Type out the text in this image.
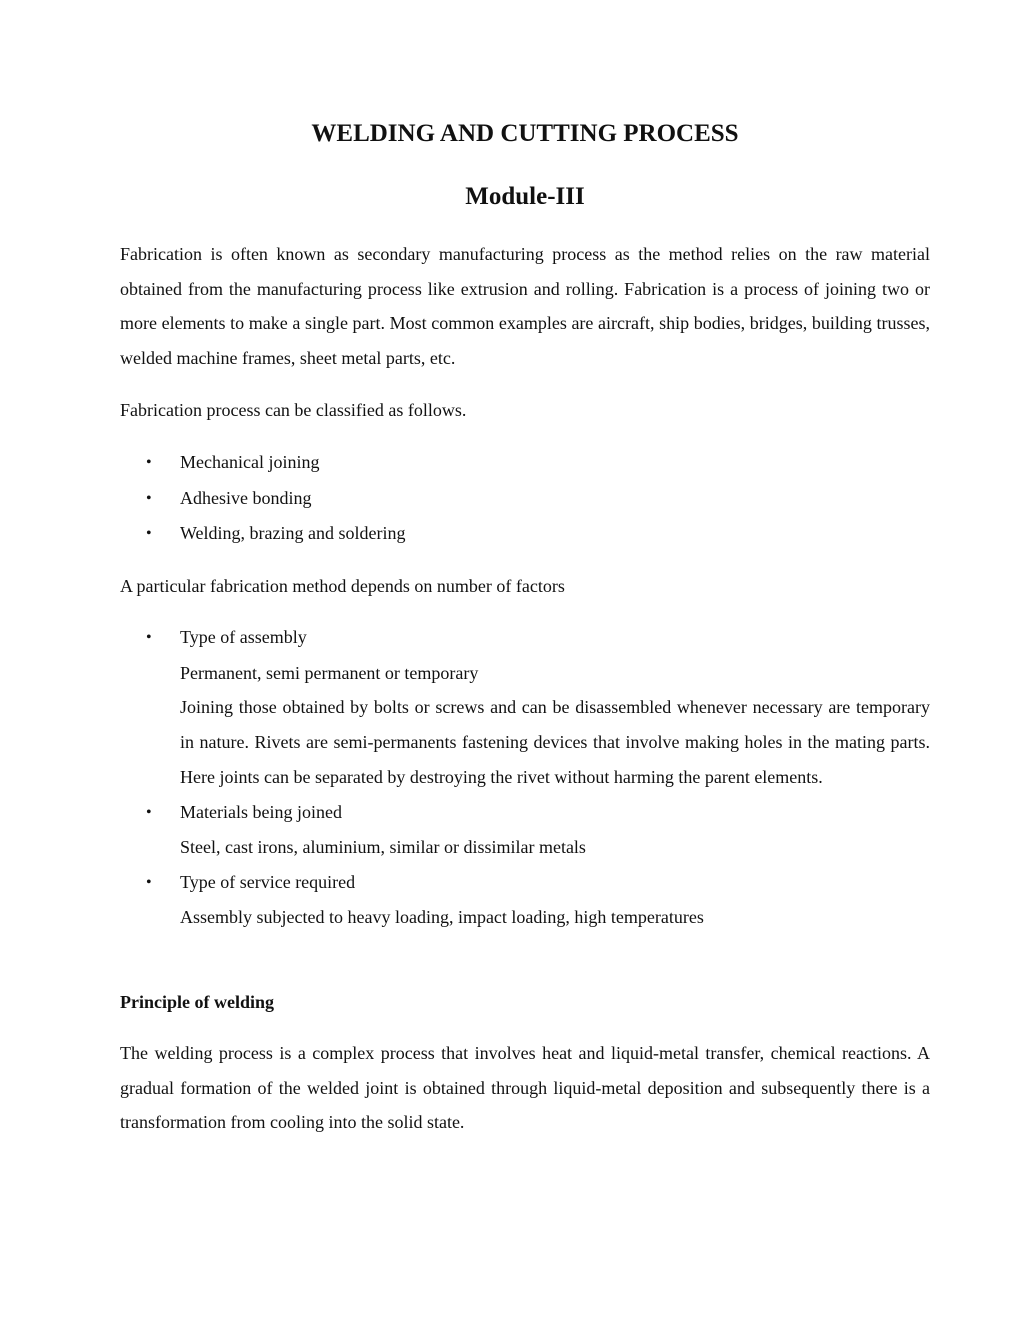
WELDING AND CUTTING PROCESS
Module-III

Fabrication is often known as secondary manufacturing process as the method relies on the raw material obtained from the manufacturing process like extrusion and rolling. Fabrication is a process of joining two or more elements to make a single part. Most common examples are aircraft, ship bodies, bridges, building trusses, welded machine frames, sheet metal parts, etc.

Fabrication process can be classified as follows.

• Mechanical joining
• Adhesive bonding
• Welding, brazing and soldering

A particular fabrication method depends on number of factors

• Type of assembly
Permanent, semi permanent or temporary
Joining those obtained by bolts or screws and can be disassembled whenever necessary are temporary in nature. Rivets are semi-permanents fastening devices that involve making holes in the mating parts. Here joints can be separated by destroying the rivet without harming the parent elements.
• Materials being joined
Steel, cast irons, aluminium, similar or dissimilar metals
• Type of service required
Assembly subjected to heavy loading, impact loading, high temperatures

Principle of welding

The welding process is a complex process that involves heat and liquid-metal transfer, chemical reactions. A gradual formation of the welded joint is obtained through liquid-metal deposition and subsequently there is a transformation from cooling into the solid state.
